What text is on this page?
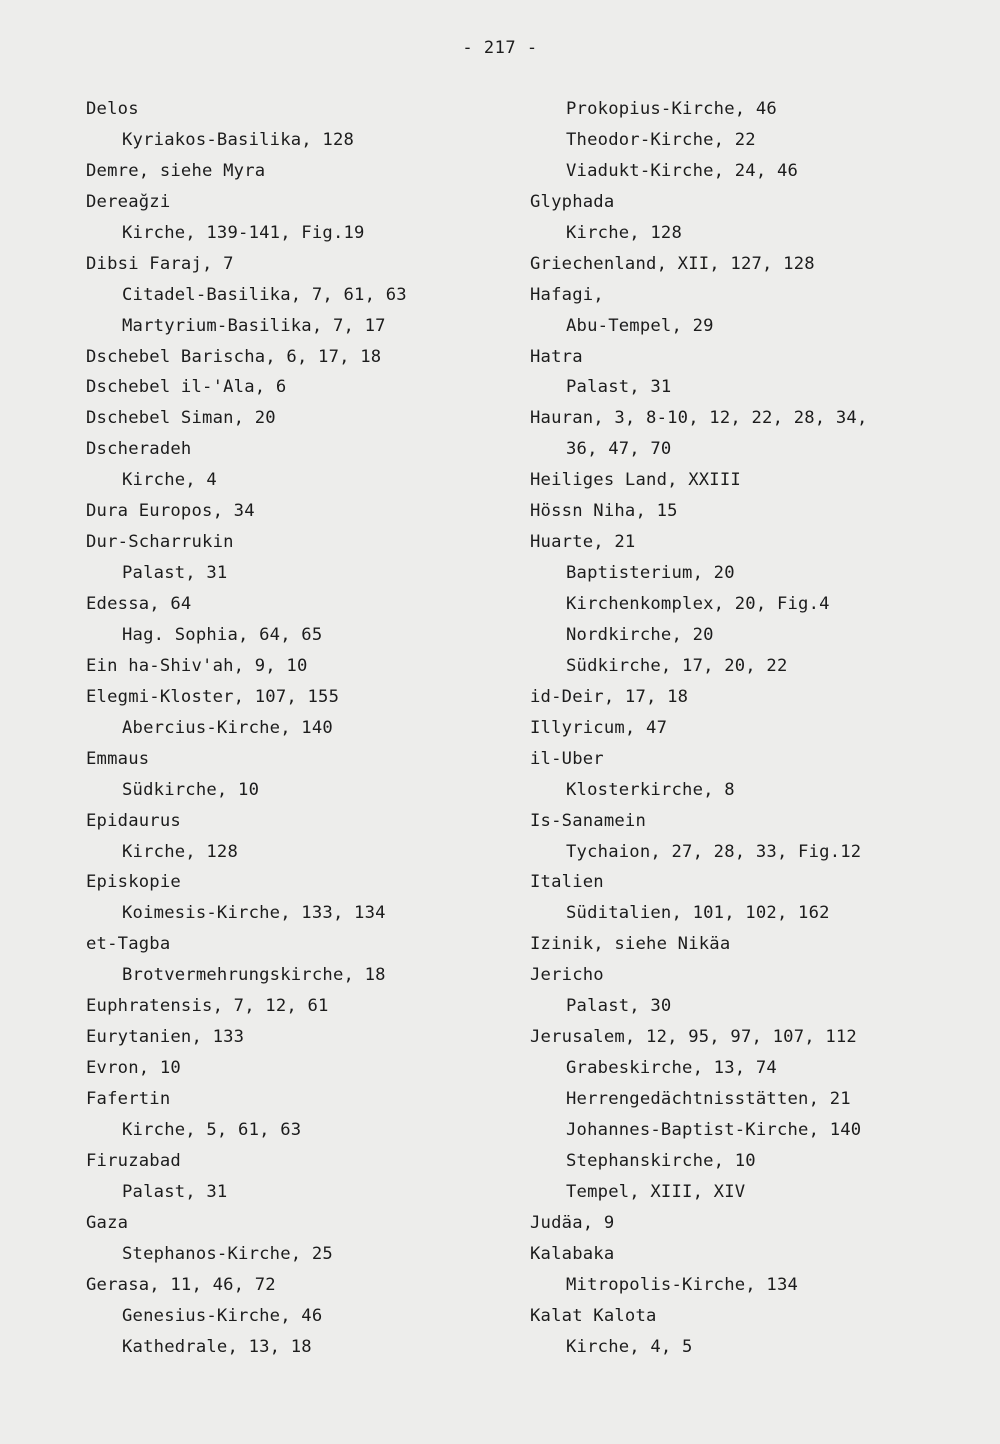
- 217 -
Delos
Kyriakos-Basilika, 128
Demre, siehe Myra
Dereağzi
Kirche, 139-141, Fig.19
Dibsi Faraj, 7
Citadel-Basilika, 7, 61, 63
Martyrium-Basilika, 7, 17
Dschebel Barischa, 6, 17, 18
Dschebel il-'Ala, 6
Dschebel Siman, 20
Dscheradeh
Kirche, 4
Dura Europos, 34
Dur-Scharrukin
Palast, 31
Edessa, 64
Hag. Sophia, 64, 65
Ein ha-Shiv'ah, 9, 10
Elegmi-Kloster, 107, 155
Abercius-Kirche, 140
Emmaus
Südkirche, 10
Epidaurus
Kirche, 128
Episkopie
Koimesis-Kirche, 133, 134
et-Tagba
Brotvermehrungskirche, 18
Euphratensis, 7, 12, 61
Eurytanien, 133
Evron, 10
Fafertin
Kirche, 5, 61, 63
Firuzabad
Palast, 31
Gaza
Stephanos-Kirche, 25
Gerasa, 11, 46, 72
Genesius-Kirche, 46
Kathedrale, 13, 18
Prokopius-Kirche, 46
Theodor-Kirche, 22
Viadukt-Kirche, 24, 46
Glyphada
Kirche, 128
Griechenland, XII, 127, 128
Hafagi,
Abu-Tempel, 29
Hatra
Palast, 31
Hauran, 3, 8-10, 12, 22, 28, 34,
36, 47, 70
Heiliges Land, XXIII
Hössn Niha, 15
Huarte, 21
Baptisterium, 20
Kirchenkomplex, 20, Fig.4
Nordkirche, 20
Südkirche, 17, 20, 22
id-Deir, 17, 18
Illyricum, 47
il-Uber
Klosterkirche, 8
Is-Sanamein
Tychaion, 27, 28, 33, Fig.12
Italien
Süditalien, 101, 102, 162
Izinik, siehe Nikäa
Jericho
Palast, 30
Jerusalem, 12, 95, 97, 107, 112
Grabeskirche, 13, 74
Herrengedächtnisstätten, 21
Johannes-Baptist-Kirche, 140
Stephanskirche, 10
Tempel, XIII, XIV
Judäa, 9
Kalabaka
Mitropolis-Kirche, 134
Kalat Kalota
Kirche, 4, 5
